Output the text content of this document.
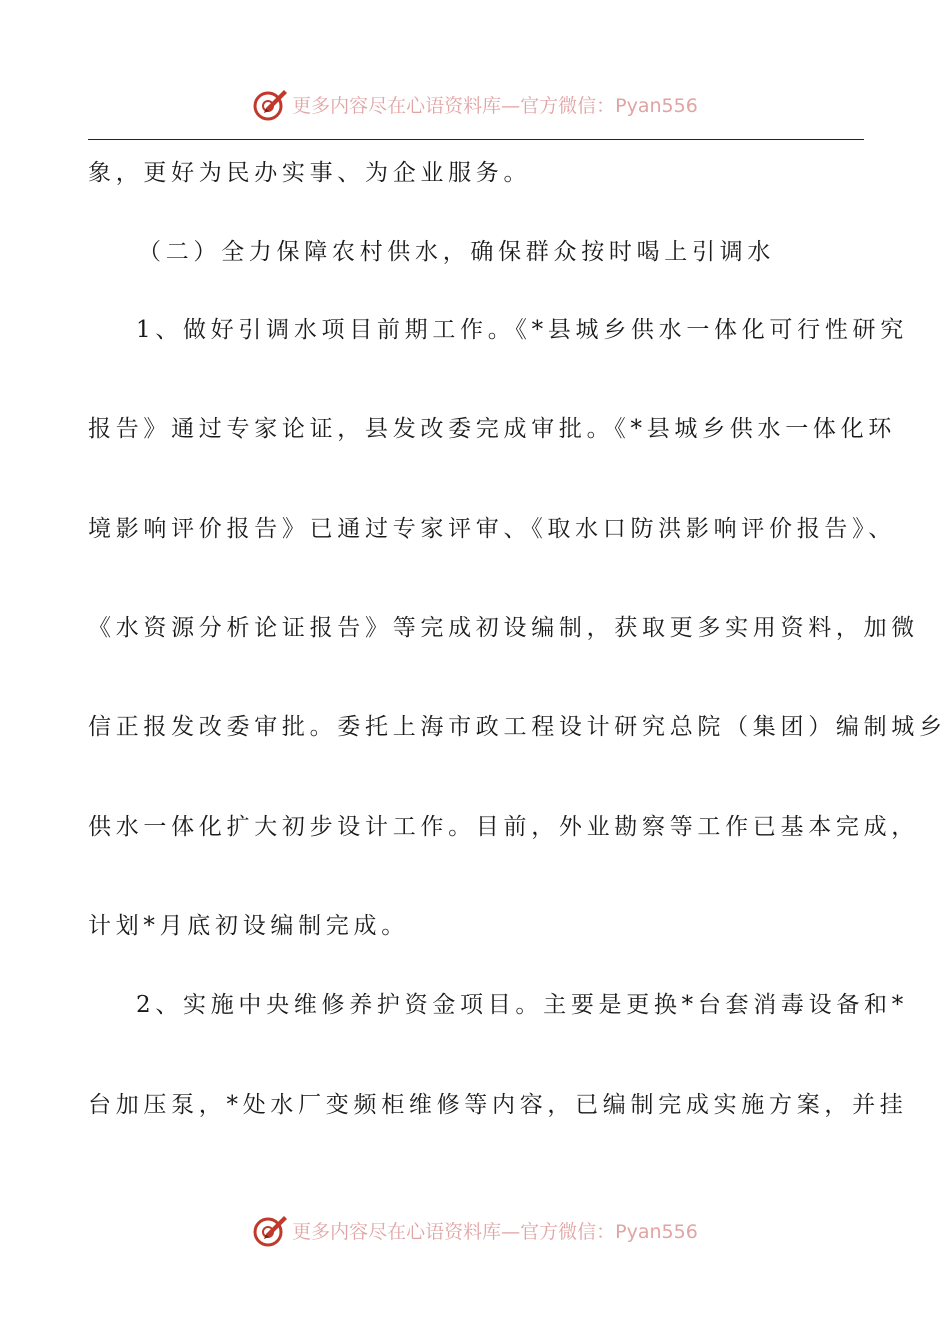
更多内容尽在心语资料库—官方微信：Pyan556
象，更好为民办实事、为企业服务。
（二）全力保障农村供水，确保群众按时喝上引调水
1、做好引调水项目前期工作。《*县城乡供水一体化可行性研究
报告》通过专家论证，县发改委完成审批。《*县城乡供水一体化环
境影响评价报告》已通过专家评审、《取水口防洪影响评价报告》、
《水资源分析论证报告》等完成初设编制，获取更多实用资料，加微
信正报发改委审批。委托上海市政工程设计研究总院（集团）编制城乡
供水一体化扩大初步设计工作。目前，外业勘察等工作已基本完成，
计划*月底初设编制完成。
2、实施中央维修养护资金项目。主要是更换*台套消毒设备和*
台加压泵，*处水厂变频柜维修等内容，已编制完成实施方案，并挂
更多内容尽在心语资料库—官方微信：Pyan556
